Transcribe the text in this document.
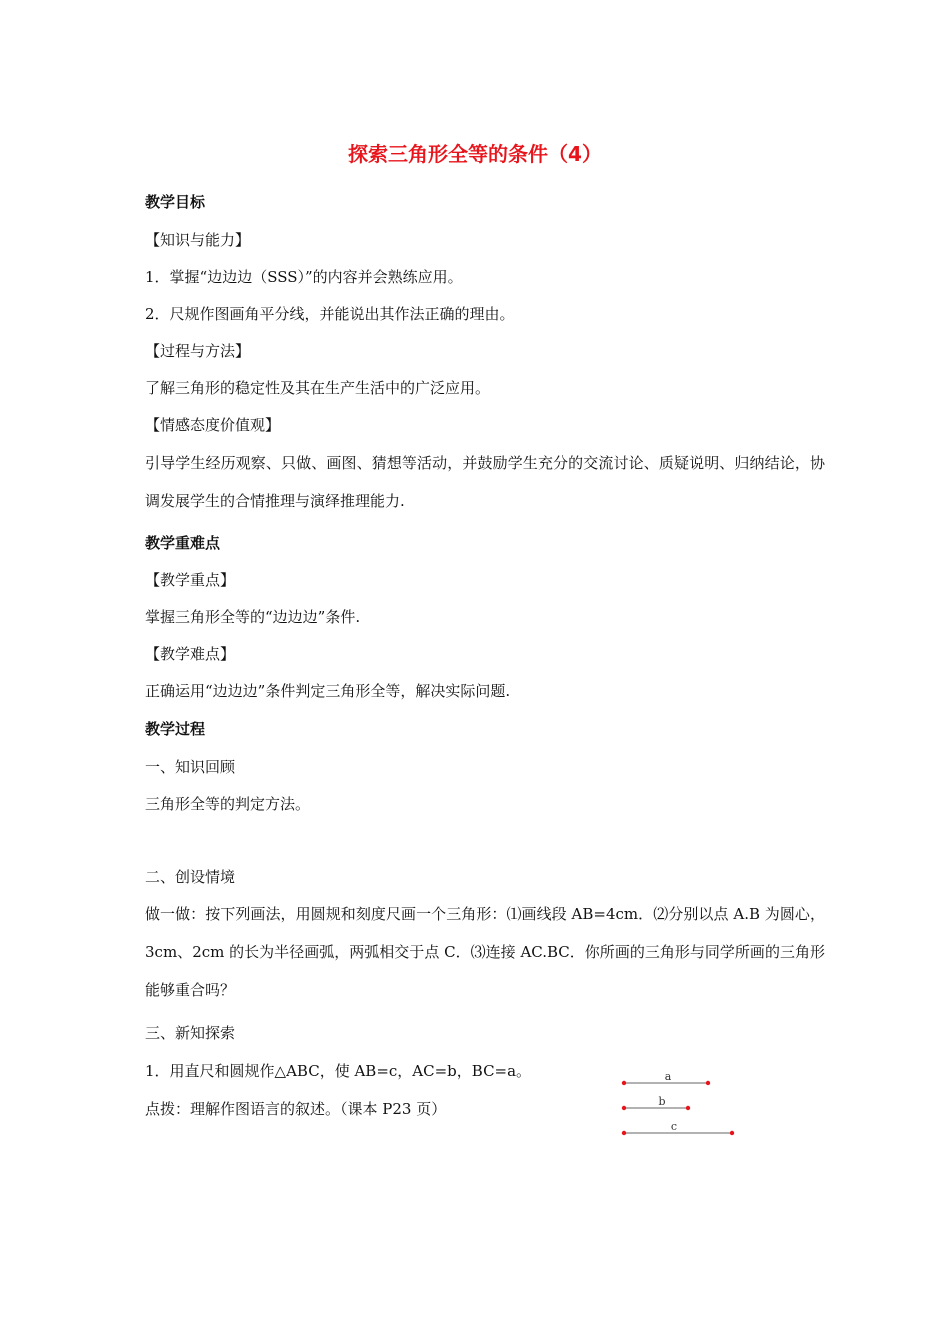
探索三角形全等的条件（4）
教学目标
【知识与能力】
1．掌握“边边边（SSS）”的内容并会熟练应用。
2．尺规作图画角平分线，并能说出其作法正确的理由。
【过程与方法】
了解三角形的稳定性及其在生产生活中的广泛应用。
【情感态度价值观】
引导学生经历观察、只做、画图、猜想等活动，并鼓励学生充分的交流讨论、质疑说明、归纳结论，协调发展学生的合情推理与演绎推理能力.
教学重难点
【教学重点】
掌握三角形全等的“边边边”条件.
【教学难点】
正确运用“边边边”条件判定三角形全等，解决实际问题.
教学过程
一、知识回顾
三角形全等的判定方法。
二、创设情境
做一做：按下列画法，用圆规和刻度尺画一个三角形：⑴画线段 AB=4cm．⑵分别以点 A.B 为圆心，3cm、2cm 的长为半径画弧，两弧相交于点 C．⑶连接 AC.BC．你所画的三角形与同学所画的三角形能够重合吗？
三、新知探索
1．用直尺和圆规作△ABC，使 AB=c，AC=b，BC=a。
点拨：理解作图语言的叙述。（课本 P23 页）
a
b
c
